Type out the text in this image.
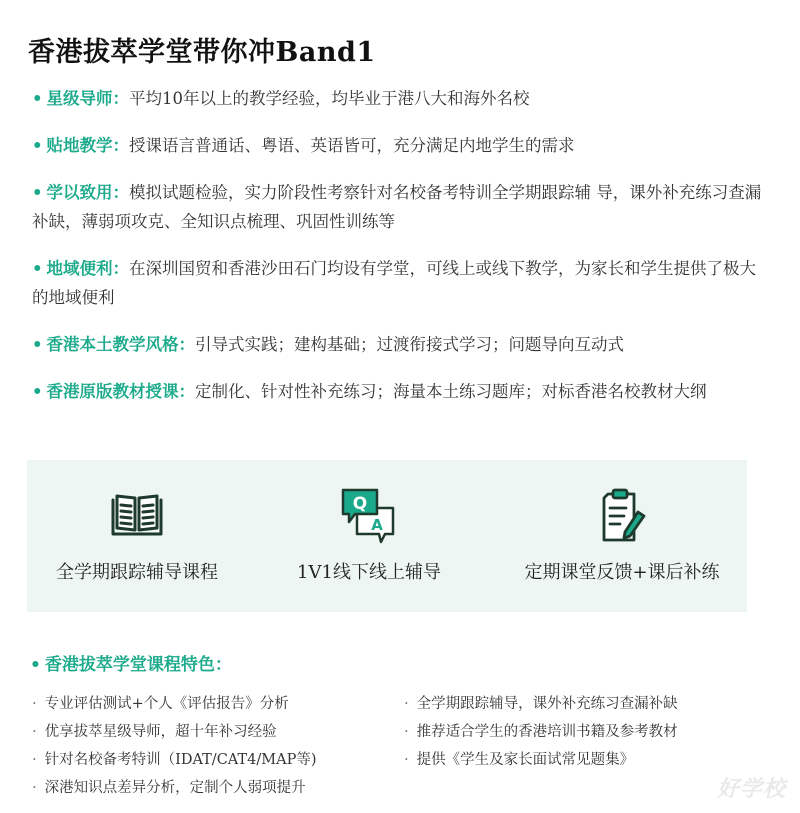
香港拔萃学堂带你冲Band1

• 星级导师：平均10年以上的教学经验，均毕业于港八大和海外名校

• 贴地教学：授课语言普通话、粤语、英语皆可，充分满足内地学生的需求

• 学以致用：模拟试题检验，实力阶段性考察针对名校备考特训全学期跟踪辅 导，课外补充练习查漏补缺，薄弱项攻克、全知识点梳理、巩固性训练等

• 地域便利：在深圳国贸和香港沙田石门均设有学堂，可线上或线下教学，为家长和学生提供了极大的地域便利

• 香港本土教学风格：引导式实践；建构基础；过渡衔接式学习；问题导向互动式

• 香港原版教材授课：定制化、针对性补充练习；海量本土练习题库；对标香港名校教材大纲

全学期跟踪辅导课程
Q
A
1V1线下线上辅导	定期课堂反馈+课后补练
• 香港拔萃学堂课程特色：
· 专业评估测试+个人《评估报告》分析
· 优享拔萃星级导师，超十年补习经验
· 针对名校备考特训（IDAT/CAT4/MAP等)
· 深港知识点差异分析，定制个人弱项提升
· 全学期跟踪辅导，课外补充练习查漏补缺
· 推荐适合学生的香港培训书籍及参考教材
· 提供《学生及家长面试常见题集》
好学校
